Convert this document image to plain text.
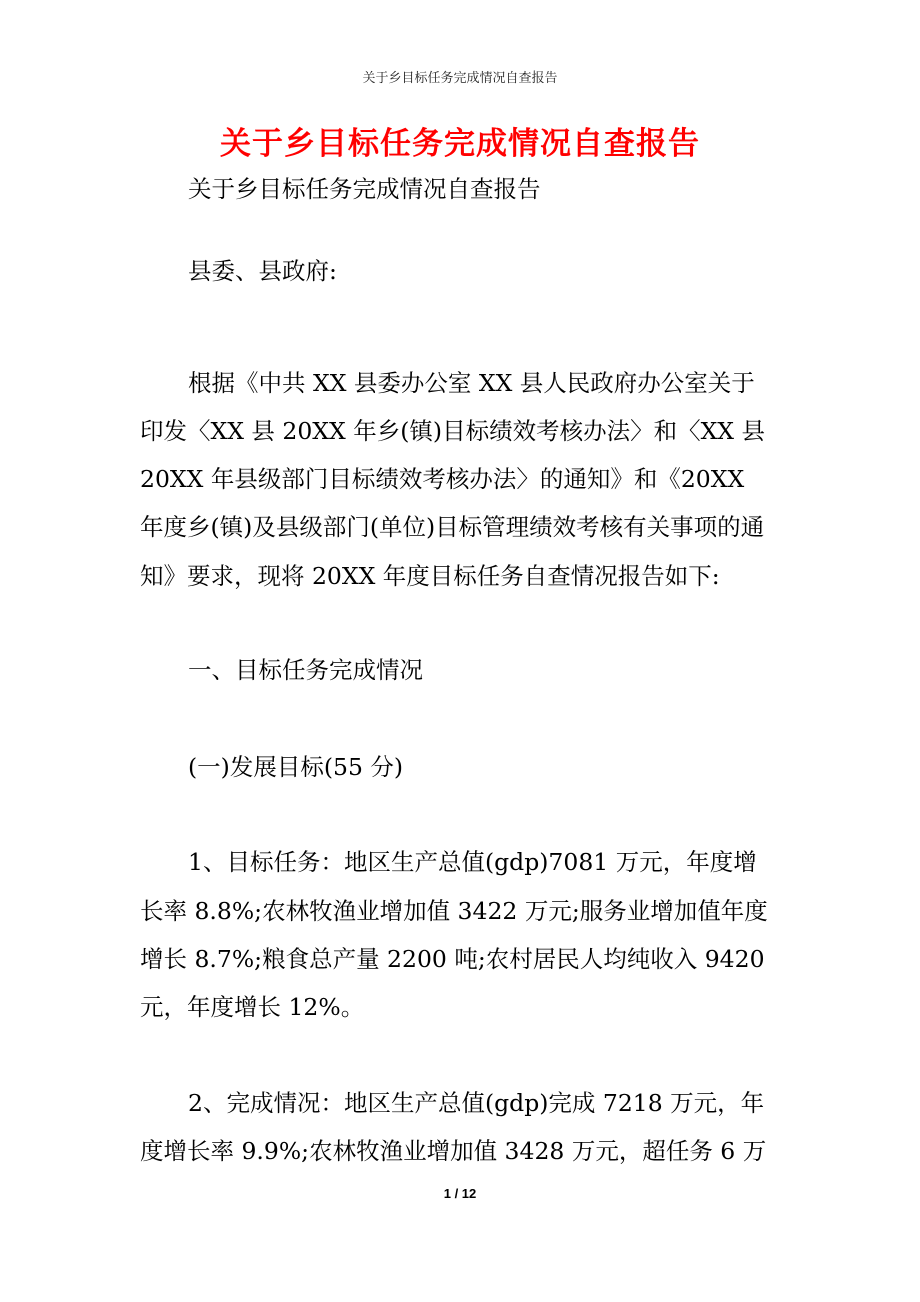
关于乡目标任务完成情况自查报告
关于乡目标任务完成情况自查报告
关于乡目标任务完成情况自查报告
县委、县政府:
根据《中共 XX 县委办公室 XX 县人民政府办公室关于
印发〈XX 县 20XX 年乡(镇)目标绩效考核办法〉和〈XX 县
20XX 年县级部门目标绩效考核办法〉的通知》和《20XX
年度乡(镇)及县级部门(单位)目标管理绩效考核有关事项的通
知》要求，现将 20XX 年度目标任务自查情况报告如下:
一、目标任务完成情况
(一)发展目标(55 分)
1、目标任务：地区生产总值(gdp)7081 万元，年度增
长率 8.8%;农林牧渔业增加值 3422 万元;服务业增加值年度
增长 8.7%;粮食总产量 2200 吨;农村居民人均纯收入 9420
元，年度增长 12%。
2、完成情况：地区生产总值(gdp)完成 7218 万元，年
度增长率 9.9%;农林牧渔业增加值 3428 万元，超任务 6 万
1 / 12
